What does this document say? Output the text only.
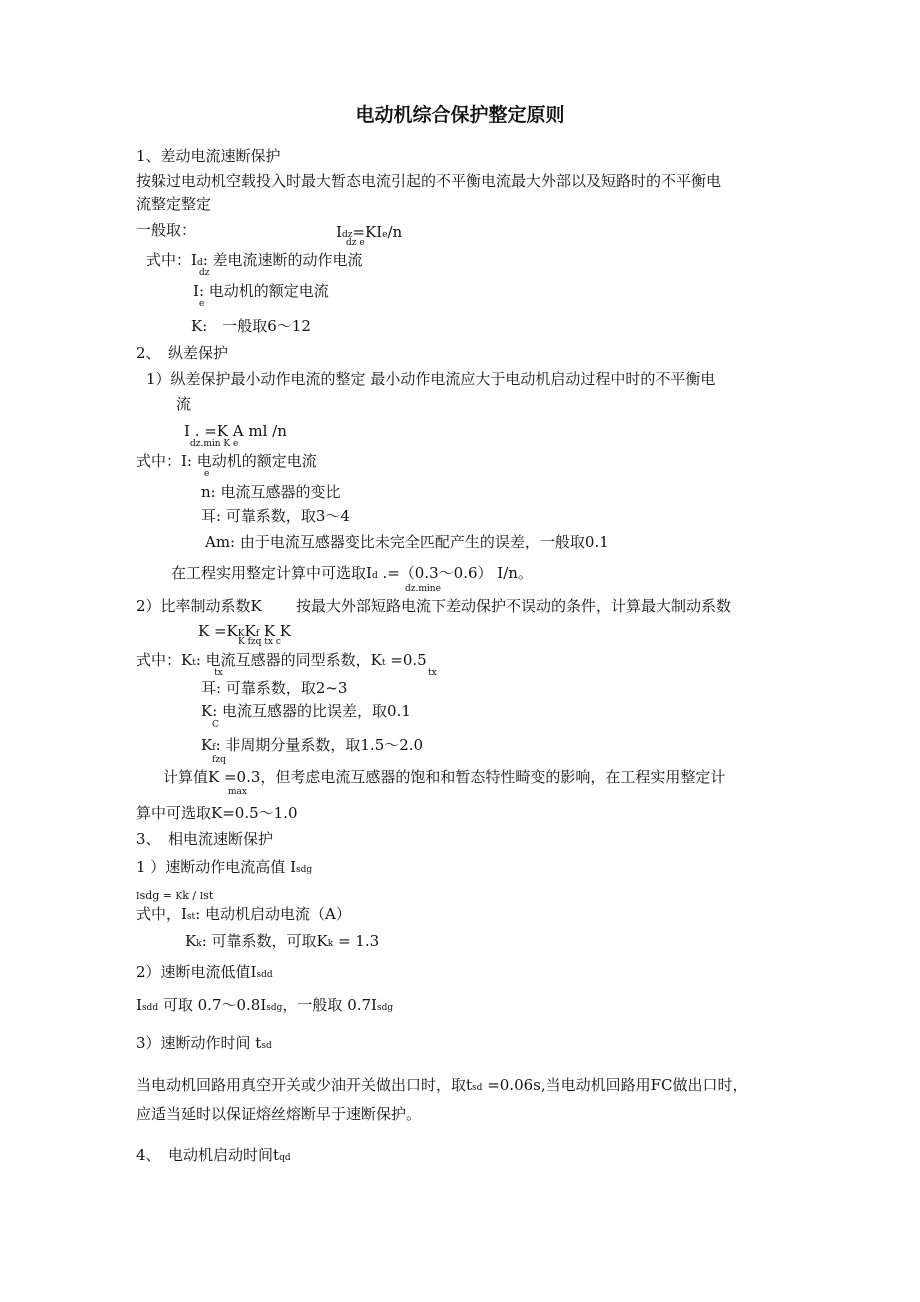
电动机综合保护整定原则
1、差动电流速断保护
按躲过电动机空载投入时最大暂态电流引起的不平衡电流最大外部以及短路时的不平衡电
流整定整定
一般取：	Idz=KIe/n
dz e
式中：Id: 差电流速断的动作电流
dz
I: 电动机的额定电流
e
K:　一般取6〜12
2、　纵差保护
1）纵差保护最小动作电流的整定 最小动作电流应大于电动机启动过程中时的不平衡电
流
I . =K A ml /n
dz.min K e
式中：I: 电动机的额定电流
e
n: 电流互感器的变比
耳: 可靠系数，取3〜4
Am: 由于电流互感器变比未完全匹配产生的误差，一般取0.1
在工程实用整定计算中可选取Id .=（0.3〜0.6） I/n。
dz.mine
2）比率制动系数K 按最大外部短路电流下差动保护不误动的条件，计算最大制动系数
K =KKKf K K
K fzq tx c
式中：Kt: 电流互感器的同型系数，Kt =0.5
tx	tx
耳: 可靠系数，取2~3
K: 电流互感器的比误差，取0.1
C
Kf: 非周期分量系数，取1.5〜2.0
fzq
计算值K =0.3，但考虑电流互感器的饱和和暂态特性畸变的影响，在工程实用整定计
max
算中可选取K=0.5〜1.0
3、　相电流速断保护
1 ）速断动作电流高值 Isdg
Isdg = Kk / Ist
式中，Ist: 电动机启动电流（A）
Kk: 可靠系数，可取Kk = 1.3
2）速断电流低值Isdd
Isdd 可取 0.7〜0.8Isdg，一般取 0.7Isdg
3）速断动作时间 tsd
当电动机回路用真空开关或少油开关做出口时，取tsd =0.06s,当电动机回路用FC做出口时，
应适当延时以保证熔丝熔断早于速断保护。
4、　电动机启动时间tqd
